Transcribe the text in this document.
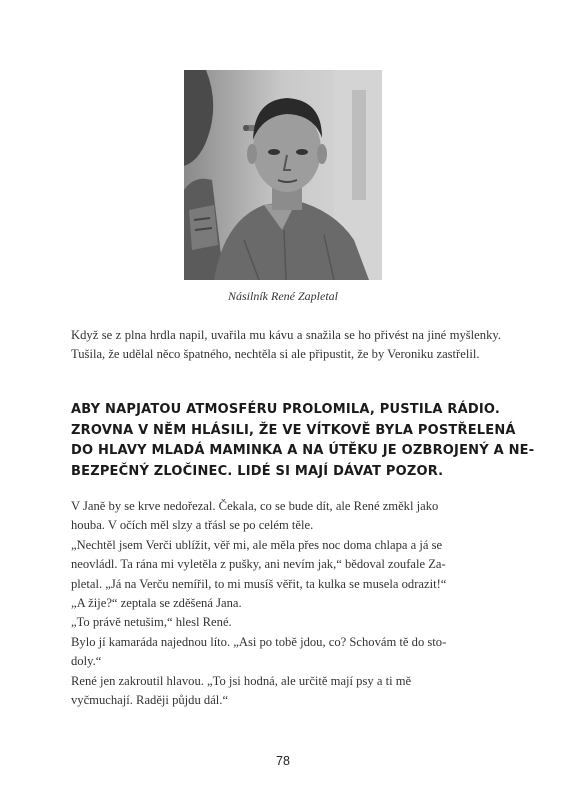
Násilník René Zapletal

Když se z plna hrdla napil, uvařila mu kávu a snažila se ho přivést na jiné myšlenky. Tušila, že udělal něco špatného, nechtěla si ale připustit, že by Veroniku zastřelil.

ABY NAPJATOU ATMOSFÉRU PROLOMILA, PUSTILA RÁDIO.
ZROVNA V NĚM HLÁSILI, ŽE VE VÍTKOVĚ BYLA POSTŘELENÁ
DO HLAVY MLADÁ MAMINKA A NA ÚTĚKU JE OZBROJENÝ A NE-
BEZPEČNÝ ZLOČINEC. LIDÉ SI MAJÍ DÁVAT POZOR.
V Janě by se krve nedořezal. Čekala, co se bude dít, ale René změkl jako
houba. V očích měl slzy a třásl se po celém těle.
„Nechtěl jsem Verči ublížit, věř mi, ale měla přes noc doma chlapa a já se
neovládl. Ta rána mi vyletěla z pušky, ani nevím jak,“ bědoval zoufale Za-
pletal. „Já na Verču nemířil, to mi musíš věřit, ta kulka se musela odrazit!“
„A žije?“ zeptala se zděšená Jana.
„To právě netušim,“ hlesl René.
Bylo jí kamaráda najednou líto. „Asi po tobě jdou, co? Schovám tě do sto-
doly.“
René jen zakroutil hlavou. „To jsi hodná, ale určitě mají psy a ti mě
vyčmuchají. Raději půjdu dál.“
78
